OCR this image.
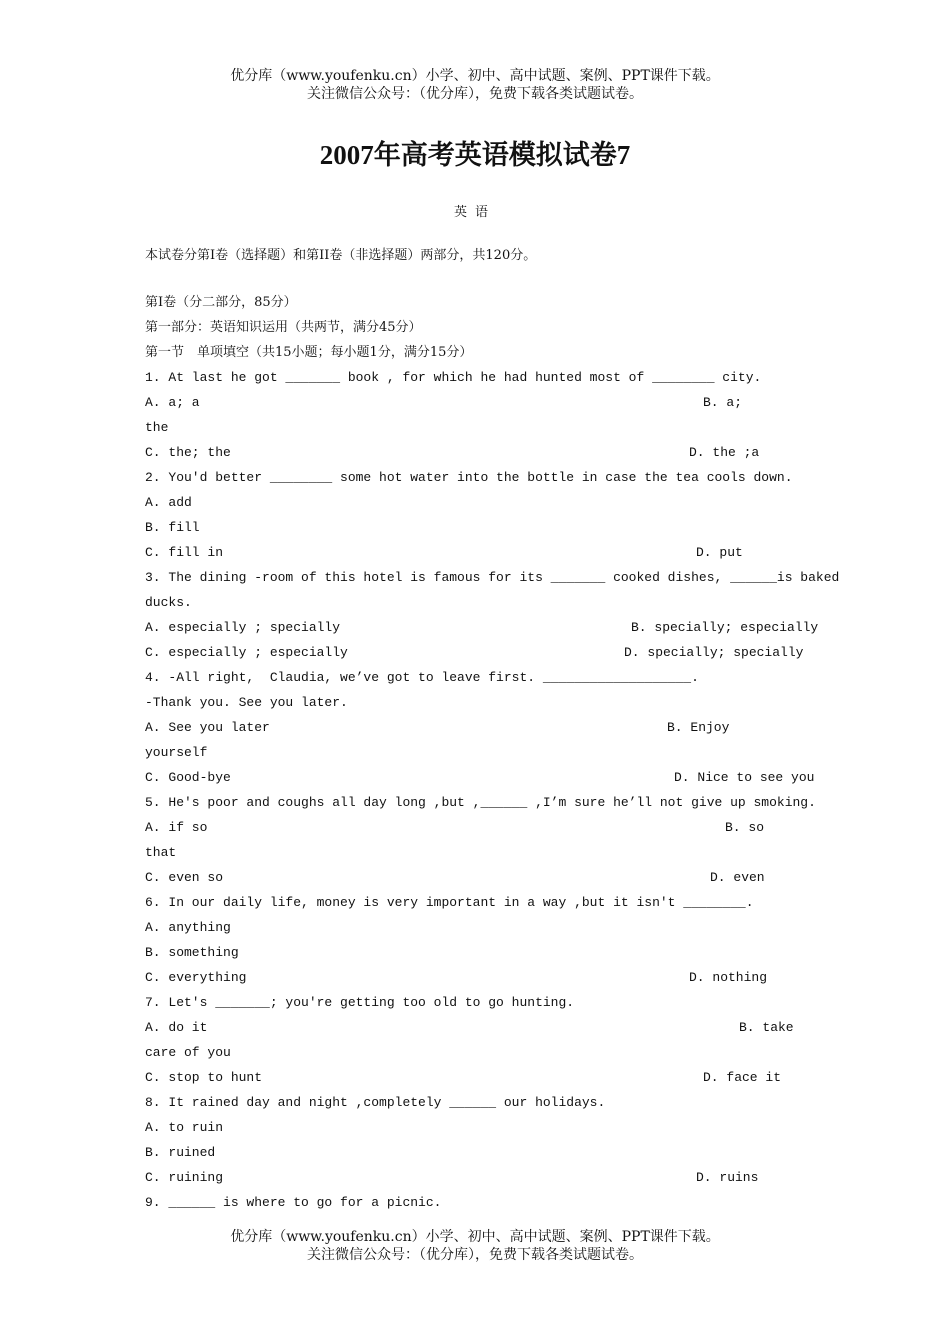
优分库（www.youfenku.cn）小学、初中、高中试题、案例、PPT课件下载。
关注微信公众号：（优分库），免费下载各类试题试卷。
2007年高考英语模拟试卷7
英语
本试卷分第I卷（选择题）和第II卷（非选择题）两部分，共120分。
第I卷（分二部分，85分）
第一部分：英语知识运用（共两节，满分45分）
第一节　单项填空（共15小题；每小题1分，满分15分）
1. At last he got _______ book , for which he had hunted most of ________ city.
A. a; a	B. a;
the
C. the; the	D. the ;a
2. You'd better ________ some hot water into the bottle in case the tea cools down.
A. add
B. fill
C. fill in	D. put
3. The dining -room of this hotel is famous for its _______ cooked dishes, ______is baked
ducks.
A. especially ; specially	B. specially; especially
C. especially ; especially	D. specially; specially
4. -All right,  Claudia, we’ve got to leave first. ___________________.
-Thank you. See you later.
A. See you later	B. Enjoy
yourself
C. Good-bye	D. Nice to see you
5. He's poor and coughs all day long ,but ,______ ,I’m sure he’ll not give up smoking.
A. if so	B. so
that
C. even so	D. even
6. In our daily life, money is very important in a way ,but it isn't ________.
A. anything
B. something
C. everything	D. nothing
7. Let's _______; you're getting too old to go hunting.
A. do it	B. take
care of you
C. stop to hunt	D. face it
8. It rained day and night ,completely ______ our holidays.
A. to ruin
B. ruined
C. ruining	D. ruins
9. ______ is where to go for a picnic.
优分库（www.youfenku.cn）小学、初中、高中试题、案例、PPT课件下载。
关注微信公众号：（优分库），免费下载各类试题试卷。
